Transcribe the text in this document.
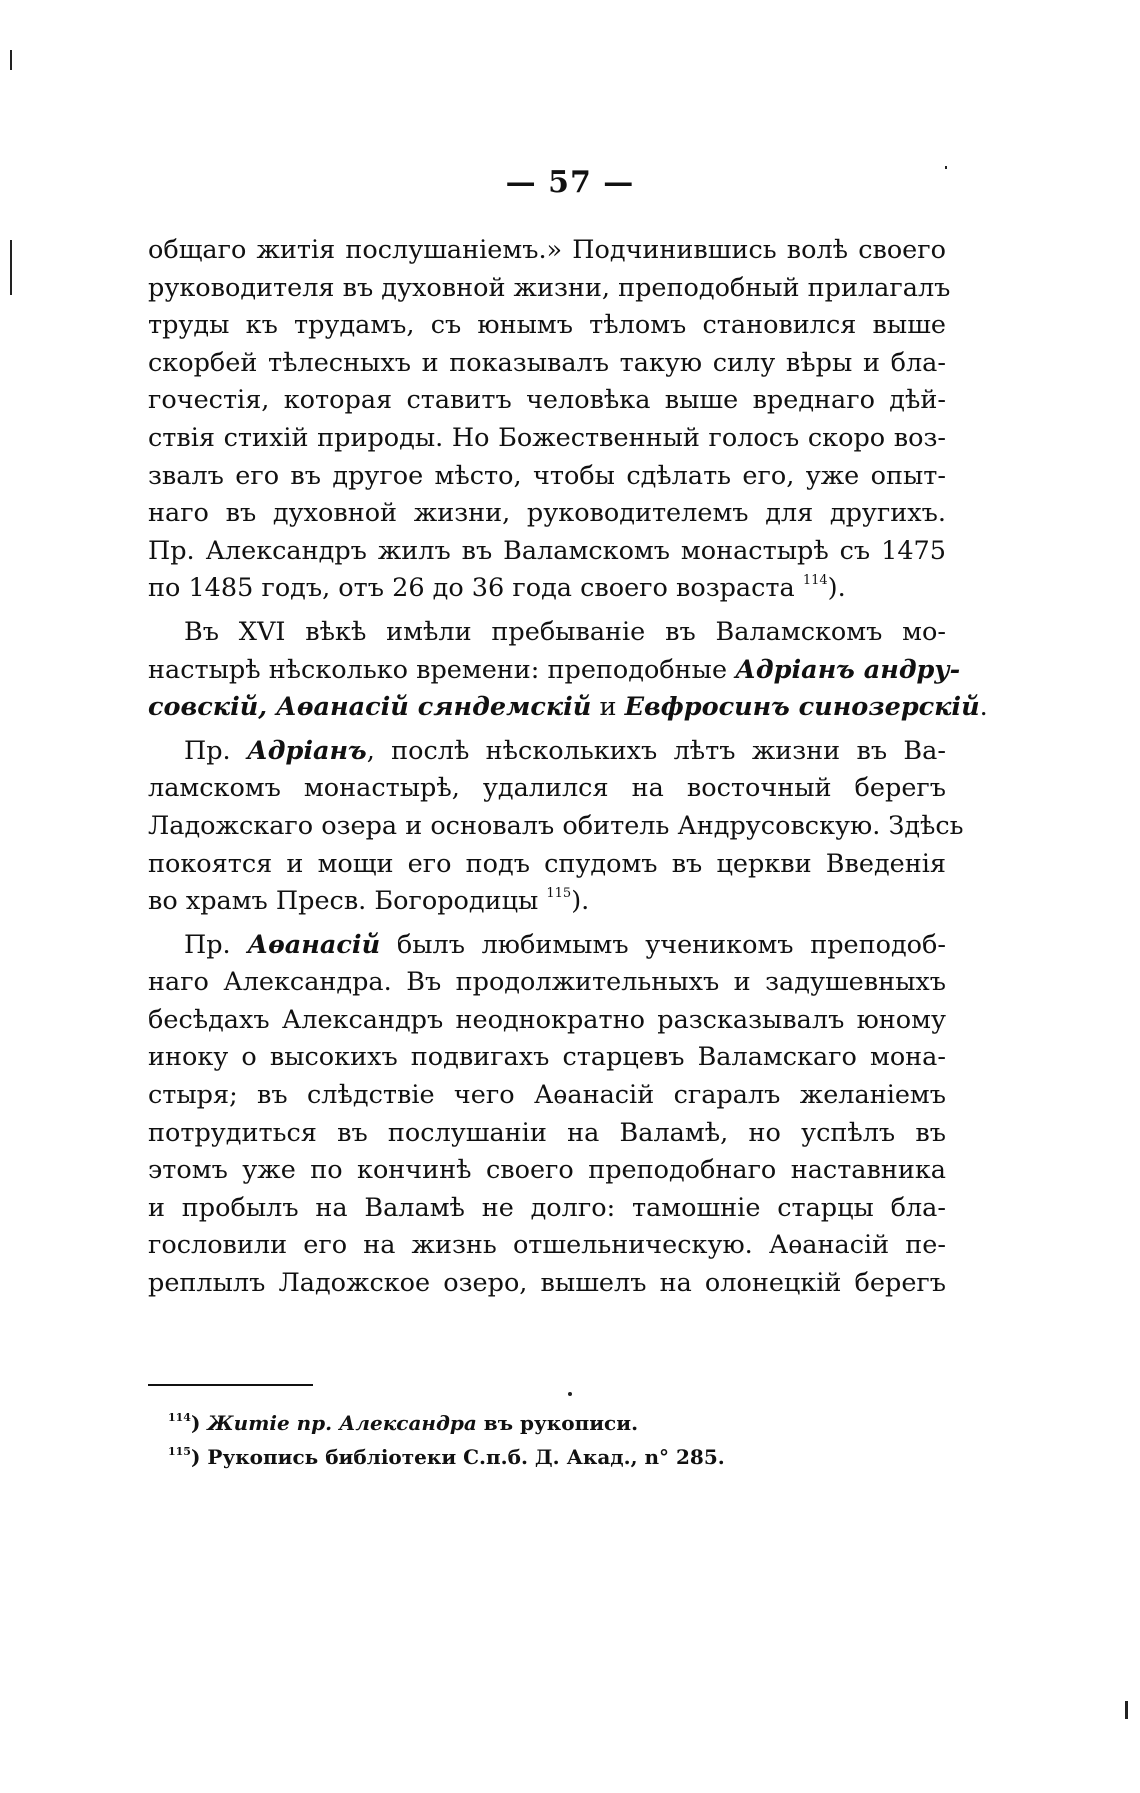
— 57 —
общаго житія послушаніемъ.» Подчинившись волѣ своего
руководителя въ духовной жизни, преподобный прилагалъ
труды къ трудамъ, съ юнымъ тѣломъ становился выше
скорбей тѣлесныхъ и показывалъ такую силу вѣры и бла-
гочестія, которая ставитъ человѣка выше вреднаго дѣй-
ствія стихій природы. Но Божественный голосъ скоро воз-
звалъ его въ другое мѣсто, чтобы сдѣлать его, уже опыт-
наго въ духовной жизни, руководителемъ для другихъ.
Пр. Александръ жилъ въ Валамскомъ монастырѣ съ 1475
по 1485 годъ, отъ 26 до 36 года своего возраста $^{114}$).
Въ XVI вѣкѣ имѣли пребываніе въ Валамскомъ мо-
настырѣ нѣсколько времени: преподобные Адріанъ андру-
совскій, Аѳанасій сяндемскій и Евфросинъ синозерскій.
Пр. Адріанъ, послѣ нѣсколькихъ лѣтъ жизни въ Ва-
ламскомъ монастырѣ, удалился на восточный берегъ
Ладожскаго озера и основалъ обитель Андрусовскую. Здѣсь
покоятся и мощи его подъ спудомъ въ церкви Введенія
во храмъ Пресв. Богородицы $^{115}$).
Пр. Аѳанасій былъ любимымъ ученикомъ преподоб-
наго Александра. Въ продолжительныхъ и задушевныхъ
бесѣдахъ Александръ неоднократно разсказывалъ юному
иноку о высокихъ подвигахъ старцевъ Валамскаго мона-
стыря; въ слѣдствіе чего Аѳанасій сгаралъ желаніемъ
потрудиться въ послушаніи на Валамѣ, но успѣлъ въ
этомъ уже по кончинѣ своего преподобнаго наставника
и пробылъ на Валамѣ не долго: тамошніе старцы бла-
гословили его на жизнь отшельническую. Аѳанасій пе-
реплылъ Ладожское озеро, вышелъ на олонецкій берегъ
$^{114}$) Житіе пр. Александра въ рукописи.
$^{115}$) Рукопись библіотеки С.п.б. Д. Акад., n° 285.
